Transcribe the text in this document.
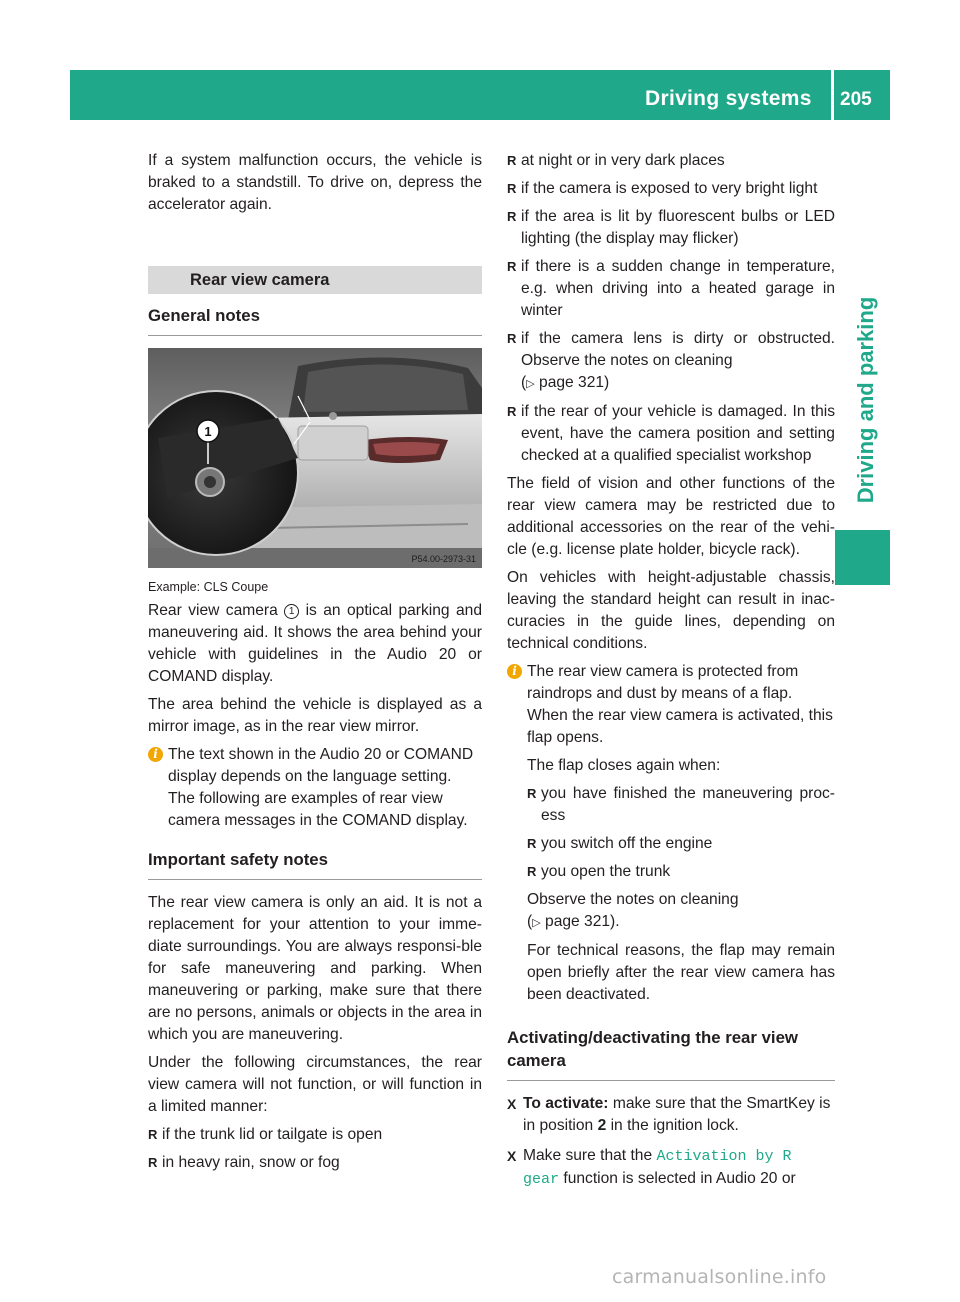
Driving systems 205
Driving and parking

If a system malfunction occurs, the vehicle is braked to a standstill. To drive on, depress the accelerator again.

Rear view camera
General notes
1
P54.00-2973-31
Example: CLS Coupe

Rear view camera 1 is an optical parking and maneuvering aid. It shows the area behind your vehicle with guidelines in the Audio 20 or COMAND display.

The area behind the vehicle is displayed as a mirror image, as in the rear view mirror.

i The text shown in the Audio 20 or COMAND display depends on the language setting. The following are examples of rear view camera messages in the COMAND display.
Important safety notes

The rear view camera is only an aid. It is not a replacement for your attention to your imme-diate surroundings. You are always responsi-ble for safe maneuvering and parking. When maneuvering or parking, make sure that there are no persons, animals or objects in the area in which you are maneuvering.

Under the following circumstances, the rear view camera will not function, or will function in a limited manner:

R if the trunk lid or tailgate is open
R in heavy rain, snow or fog
R at night or in very dark places
R if the camera is exposed to very bright light
R if the area is lit by fluorescent bulbs or LED lighting (the display may flicker)
R if there is a sudden change in temperature, e.g. when driving into a heated garage in winter
R if the camera lens is dirty or obstructed. Observe the notes on cleaning
(▷ page 321)
R if the rear of your vehicle is damaged. In this event, have the camera position and setting checked at a qualified specialist workshop

The field of vision and other functions of the rear view camera may be restricted due to additional accessories on the rear of the vehi-cle (e.g. license plate holder, bicycle rack).

On vehicles with height-adjustable chassis, leaving the standard height can result in inac-curacies in the guide lines, depending on technical conditions.

i The rear view camera is protected from raindrops and dust by means of a flap. When the rear view camera is activated, this flap opens.

The flap closes again when:

R you have finished the maneuvering proc-ess
R you switch off the engine
R you open the trunk

Observe the notes on cleaning

(▷ page 321).

For technical reasons, the flap may remain open briefly after the rear view camera has been deactivated.

Activating/deactivating the rear view camera
X To activate: make sure that the SmartKey is in position 2 in the ignition lock.
X Make sure that the Activation by R gear function is selected in Audio 20 or
carmanualsonline.info
